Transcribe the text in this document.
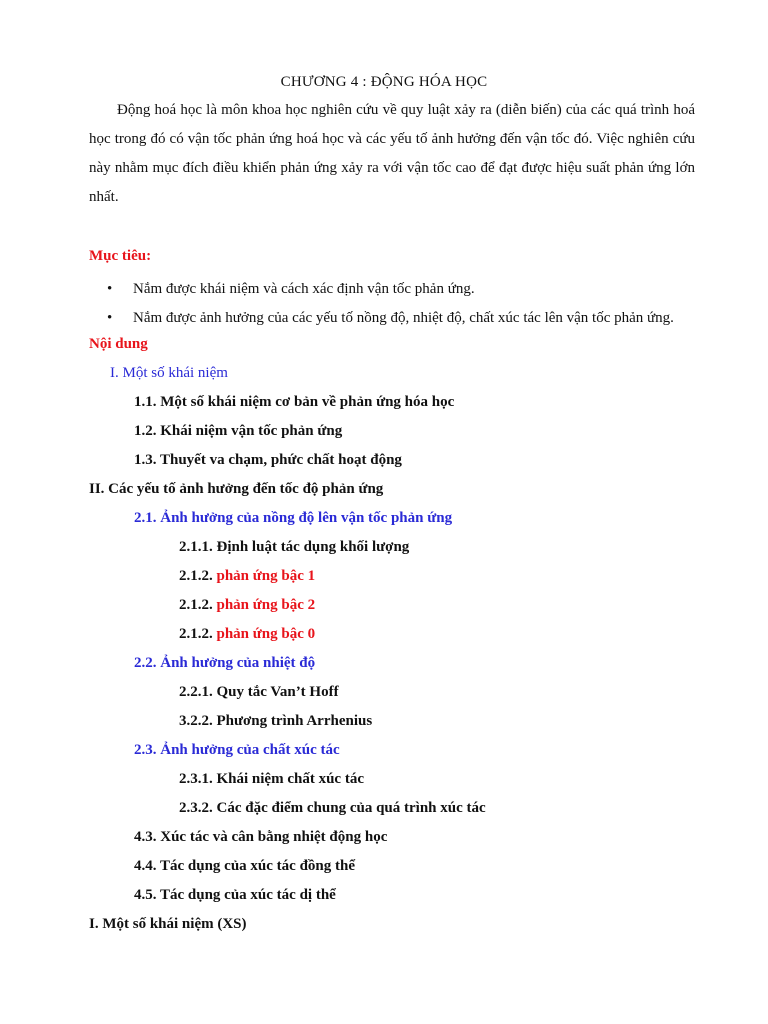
CHƯƠNG 4 : ĐỘNG HÓA HỌC

Động hoá học là môn khoa học nghiên cứu về quy luật xảy ra (diễn biến) của các quá trình hoá học trong đó có vận tốc phản ứng hoá học và các yếu tố ảnh hưởng đến vận tốc đó. Việc nghiên cứu này nhằm mục đích điều khiển phản ứng xảy ra với vận tốc cao để đạt được hiệu suất phản ứng lớn nhất.

Mục tiêu:
• Nắm được khái niệm và cách xác định vận tốc phản ứng.
• Nắm được ảnh hưởng của các yếu tố nồng độ, nhiệt độ, chất xúc tác lên vận tốc phản ứng.
Nội dung
I. Một số khái niệm
1.1. Một số khái niệm cơ bản về phản ứng hóa học
1.2. Khái niệm vận tốc phản ứng
1.3. Thuyết va chạm, phức chất hoạt động
II. Các yếu tố ảnh hưởng đến tốc độ phản ứng
2.1. Ảnh hưởng của nồng độ lên vận tốc phản ứng
2.1.1. Định luật tác dụng khối lượng
2.1.2. phản ứng bậc 1
2.1.2. phản ứng bậc 2
2.1.2. phản ứng bậc 0
2.2. Ảnh hưởng của nhiệt độ
2.2.1. Quy tắc Van’t Hoff
3.2.2. Phương trình Arrhenius
2.3. Ảnh hưởng của chất xúc tác
2.3.1. Khái niệm chất xúc tác
2.3.2. Các đặc điểm chung của quá trình xúc tác
4.3. Xúc tác và cân bằng nhiệt động học
4.4. Tác dụng của xúc tác đồng thể
4.5. Tác dụng của xúc tác dị thể
I. Một số khái niệm (XS)
